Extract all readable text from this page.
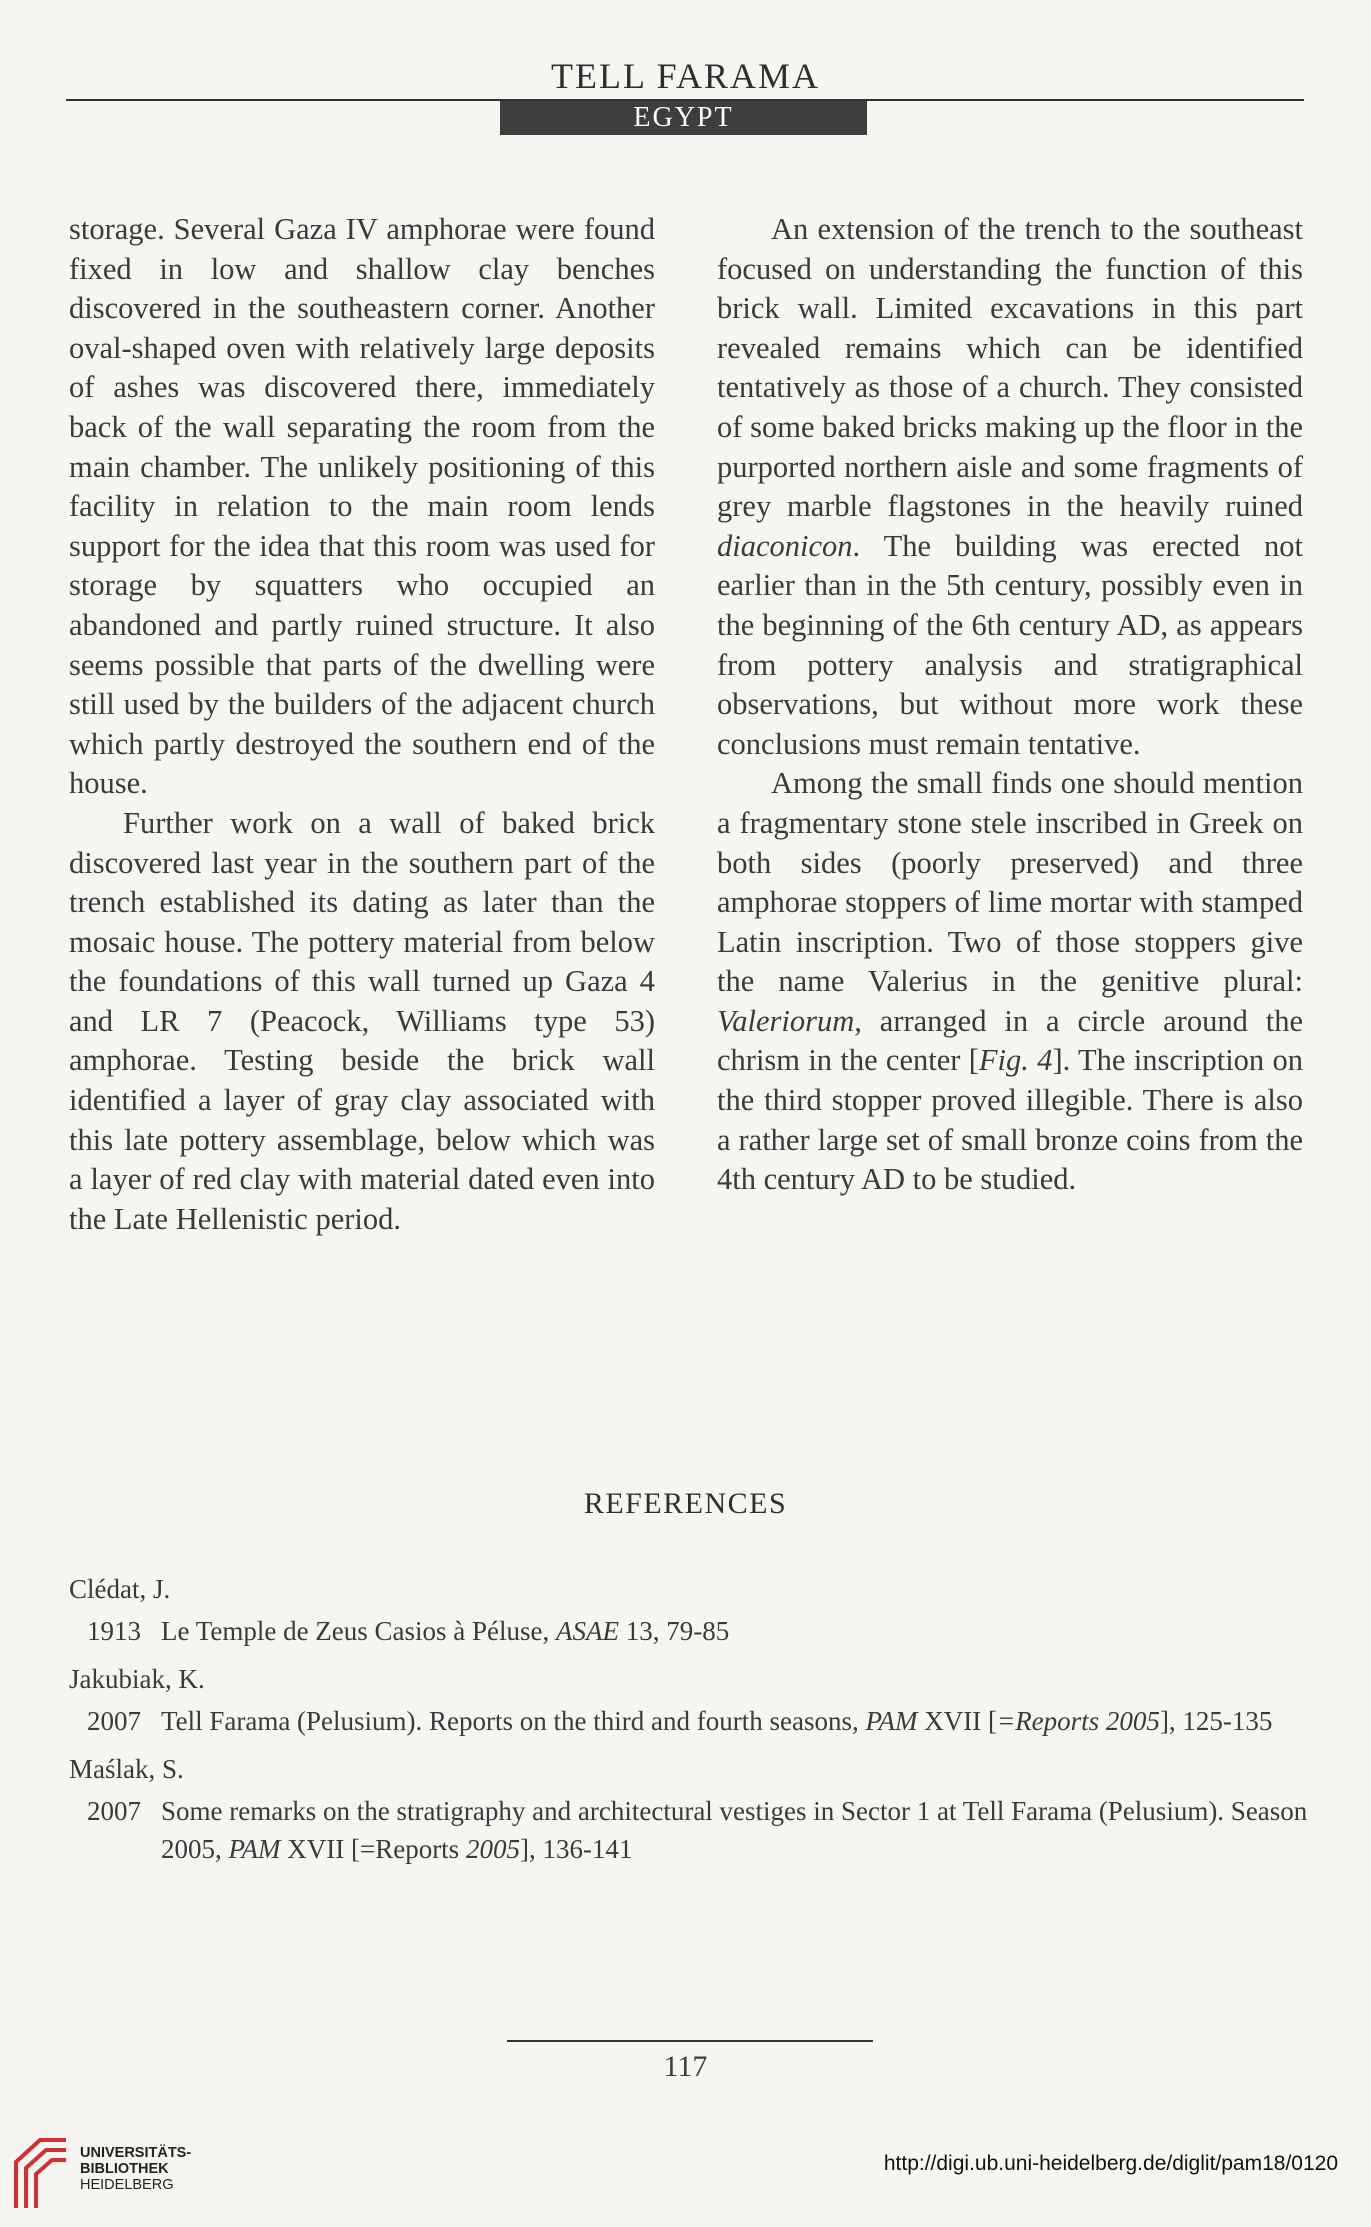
TELL FARAMA
EGYPT

storage. Several Gaza IV amphorae were found fixed in low and shallow clay benches discovered in the southeastern corner. Another oval-shaped oven with relatively large deposits of ashes was discovered there, immediately back of the wall separating the room from the main chamber. The unlikely positioning of this facility in relation to the main room lends support for the idea that this room was used for storage by squatters who occupied an abandoned and partly ruined structure. It also seems possible that parts of the dwelling were still used by the builders of the adjacent church which partly destroyed the southern end of the house.

Further work on a wall of baked brick discovered last year in the southern part of the trench established its dating as later than the mosaic house. The pottery material from below the foundations of this wall turned up Gaza 4 and LR 7 (Peacock, Williams type 53) amphorae. Testing beside the brick wall identified a layer of gray clay associated with this late pottery assemblage, below which was a layer of red clay with material dated even into the Late Hellenistic period.

An extension of the trench to the southeast focused on understanding the function of this brick wall. Limited excavations in this part revealed remains which can be identified tentatively as those of a church. They consisted of some baked bricks making up the floor in the purported northern aisle and some fragments of grey marble flagstones in the heavily ruined diaconicon. The building was erected not earlier than in the 5th century, possibly even in the beginning of the 6th century AD, as appears from pottery analysis and stratigraphical observations, but without more work these conclusions must remain tentative.

Among the small finds one should mention a fragmentary stone stele inscribed in Greek on both sides (poorly preserved) and three amphorae stoppers of lime mortar with stamped Latin inscription. Two of those stoppers give the name Valerius in the genitive plural: Valeriorum, arranged in a circle around the chrism in the center [Fig. 4]. The inscription on the third stopper proved illegible. There is also a rather large set of small bronze coins from the 4th century AD to be studied.

REFERENCES

Clédat, J.

1913 Le Temple de Zeus Casios à Péluse, ASAE 13, 79-85

Jakubiak, K.

2007 Tell Farama (Pelusium). Reports on the third and fourth seasons, PAM XVII [=Reports 2005], 125-135

Maślak, S.

2007 Some remarks on the stratigraphy and architectural vestiges in Sector 1 at Tell Farama (Pelusium). Season 2005, PAM XVII [=Reports 2005], 136-141
117
UNIVERSITÄTS-
BIBLIOTHEK
HEIDELBERG
http://digi.ub.uni-heidelberg.de/diglit/pam18/0120
